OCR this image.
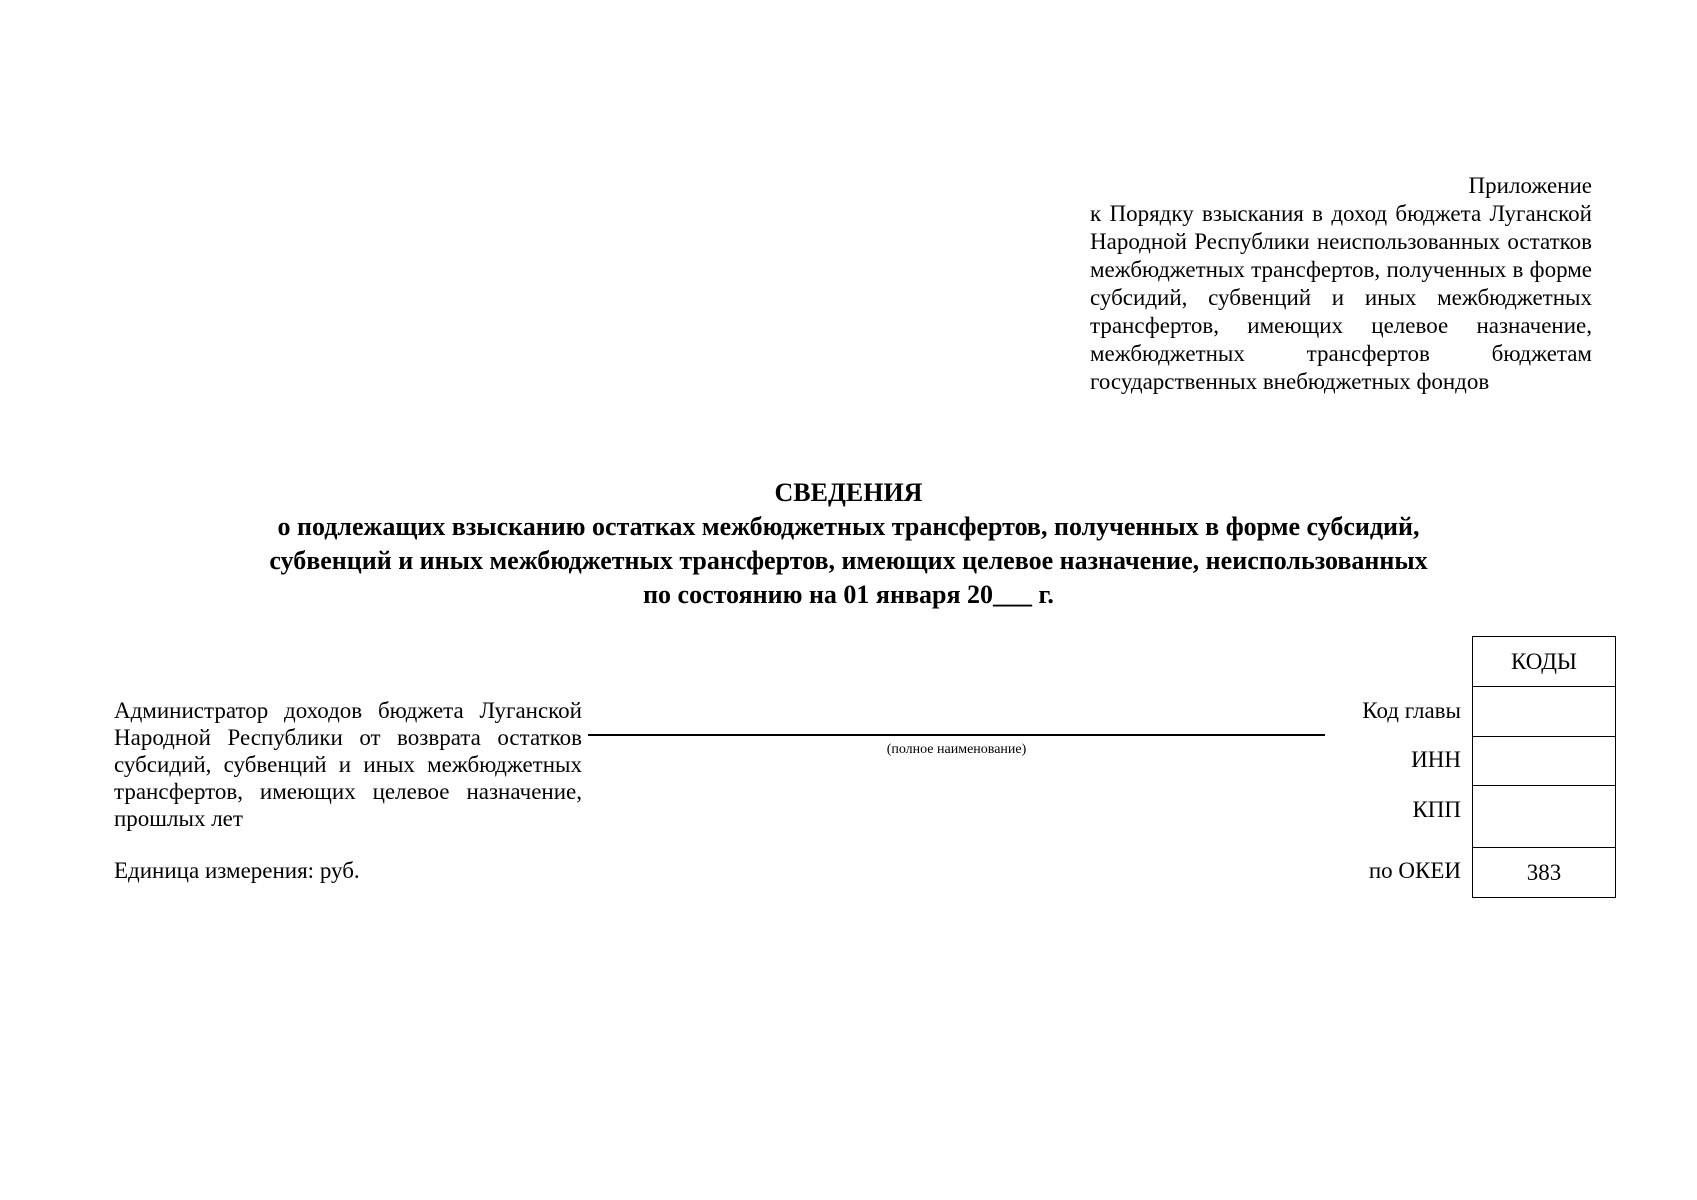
Приложение
к Порядку взыскания в доход бюджета Луганской Народной Республики неиспользованных остатков межбюджетных трансфертов, полученных в форме субсидий, субвенций и иных межбюджетных трансфертов, имеющих целевое назначение, межбюджетных трансфертов бюджетам государственных внебюджетных фондов
СВЕДЕНИЯ
о подлежащих взысканию остатках межбюджетных трансфертов, полученных в форме субсидий,
субвенций и иных межбюджетных трансфертов, имеющих целевое назначение, неиспользованных
по состоянию на 01 января 20___ г.
Администратор доходов бюджета Луганской Народной Республики от возврата остатков субсидий, субвенций и иных межбюджетных трансфертов, имеющих целевое назначение, прошлых лет
(полное наименование)
Единица измерения: руб.
Код главы
ИНН
КПП
по ОКЕИ
КОДЫ
383
